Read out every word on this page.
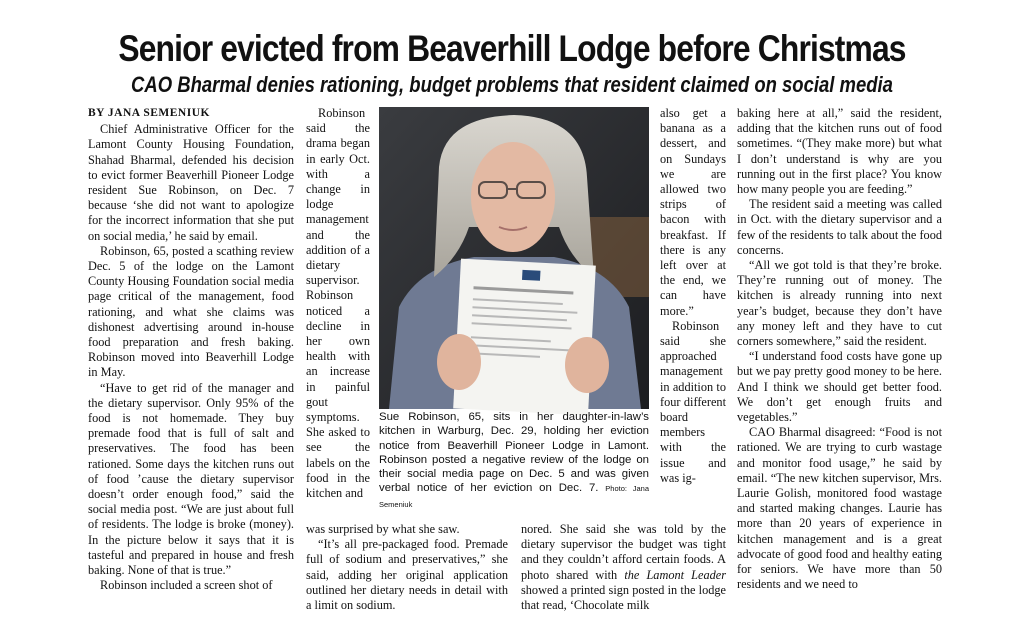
Senior evicted from Beaverhill Lodge before Christmas
CAO Bharmal denies rationing, budget problems that resident claimed on social media

BY JANA SEMENIUK

Chief Administrative Officer for the Lamont County Housing Foundation, Shahad Bharmal, defended his decision to evict former Beaverhill Pioneer Lodge resident Sue Robinson, on Dec. 7 because ‘she did not want to apologize for the incorrect information that she put on social media,’ he said by email.

Robinson, 65, posted a scathing review Dec. 5 of the lodge on the Lamont County Housing Foundation social media page critical of the management, food rationing, and what she claims was dishonest advertising around in-house food preparation and fresh baking. Robinson moved into Beaverhill Lodge in May.

“Have to get rid of the manager and the dietary supervisor. Only 95% of the food is not homemade. They buy premade food that is full of salt and preservatives. The food has been rationed. Some days the kitchen runs out of food ’cause the dietary supervisor doesn’t order enough food,” said the social media post. “We are just about full of residents. The lodge is broke (money). In the picture below it says that it is tasteful and prepared in house and fresh baking. None of that is true.”

Robinson included a screen shot of

Robinson said the drama began in early Oct. with a change in lodge management and the addition of a dietary supervisor. Robinson noticed a decline in her own health with an increase in painful gout symptoms. She asked to see the labels on the food in the kitchen and

Sue Robinson, 65, sits in her daughter-in-law’s kitchen in Warburg, Dec. 29, holding her eviction notice from Beaverhill Pioneer Lodge in Lamont. Robinson posted a negative review of the lodge on their social media page on Dec. 5 and was given verbal notice of her eviction on Dec. 7. Photo: Jana Semeniuk

was surprised by what she saw.

“It’s all pre-packaged food. Premade full of sodium and preservatives,” she said, adding her original application outlined her dietary needs in detail with a limit on sodium.

nored. She said she was told by the dietary supervisor the budget was tight and they couldn’t afford certain foods. A photo shared with the Lamont Leader showed a printed sign posted in the lodge that read, ‘Chocolate milk

also get a banana as a dessert, and on Sundays we are allowed two strips of bacon with breakfast. If there is any left over at the end, we can have more.”

Robinson said she approached management in addition to four different board members with the issue and was ig-

baking here at all,” said the resident, adding that the kitchen runs out of food sometimes. “(They make more) but what I don’t understand is why are you running out in the first place? You know how many people you are feeding.”

The resident said a meeting was called in Oct. with the dietary supervisor and a few of the residents to talk about the food concerns.

“All we got told is that they’re broke. They’re running out of money. The kitchen is already running into next year’s budget, because they don’t have any money left and they have to cut corners somewhere,” said the resident.

“I understand food costs have gone up but we pay pretty good money to be here. And I think we should get better food. We don’t get enough fruits and vegetables.”

CAO Bharmal disagreed: “Food is not rationed. We are trying to curb wastage and monitor food usage,” he said by email. “The new kitchen supervisor, Mrs. Laurie Golish, monitored food wastage and started making changes. Laurie has more than 20 years of experience in kitchen management and is a great advocate of good food and healthy eating for seniors. We have more than 50 residents and we need to
